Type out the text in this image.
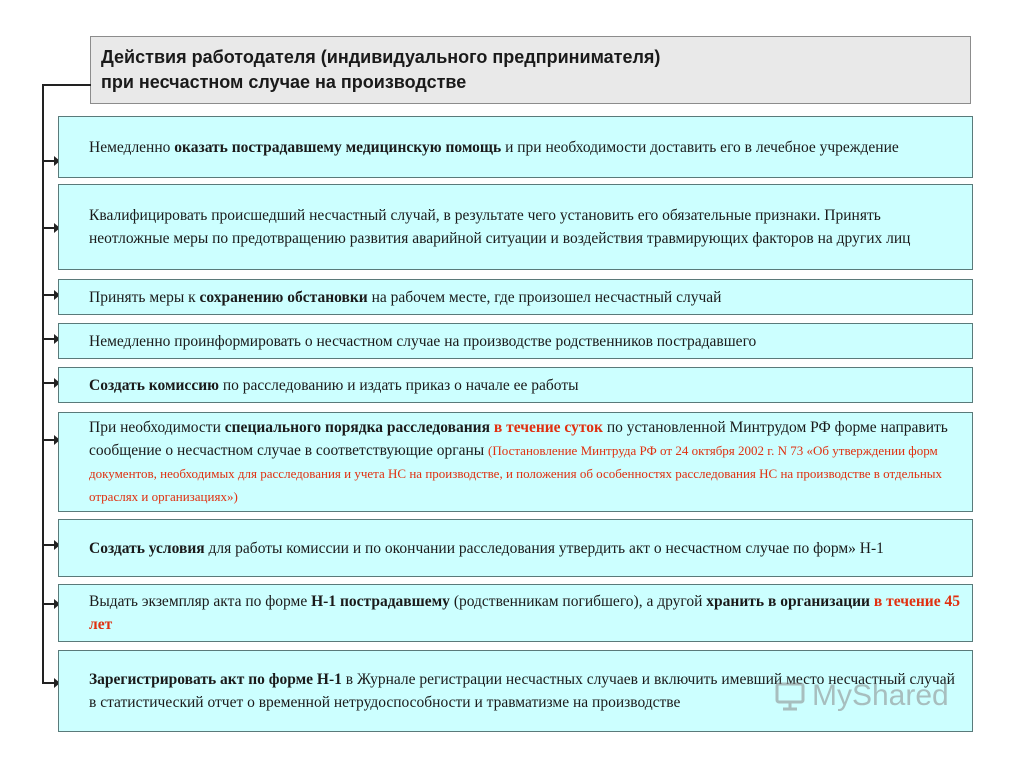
Действия работодателя (индивидуального предпринимателя)
при несчастном случае на производстве

Немедленно оказать пострадавшему медицинскую помощь и при необходимости доставить его в лечебное учреждение

Квалифицировать происшедший несчастный случай, в результате чего установить его обязательные признаки. Принять неотложные меры по предотвращению развития аварийной ситуации и воздействия травмирующих факторов на других лиц

Принять меры к сохранению обстановки на рабочем месте, где произошел несчастный случай

Немедленно проинформировать о несчастном случае на производстве родственников пострадавшего

Создать комиссию по расследованию и издать приказ о начале ее работы

При необходимости специального порядка расследования в течение суток по установленной Минтрудом РФ форме направить сообщение о несчастном случае в соответствующие органы (Постановление Минтруда РФ от 24 октября 2002 г. N 73 «Об утверждении форм документов, необходимых для расследования и учета НС на производстве, и положения об особенностях расследования НС на производстве в отдельных отраслях и организациях»)

Создать условия для работы комиссии и по окончании расследования утвердить акт о несчастном случае по форм» Н-1

Выдать экземпляр акта по форме Н-1 пострадавшему (родственникам погибшего), а другой хранить в организации в течение 45 лет

Зарегистрировать акт по форме Н-1 в Журнале регистрации несчастных случаев и включить имевший место несчастный случай в статистический отчет о временной нетрудоспособности и травматизме на производстве	MyShared
